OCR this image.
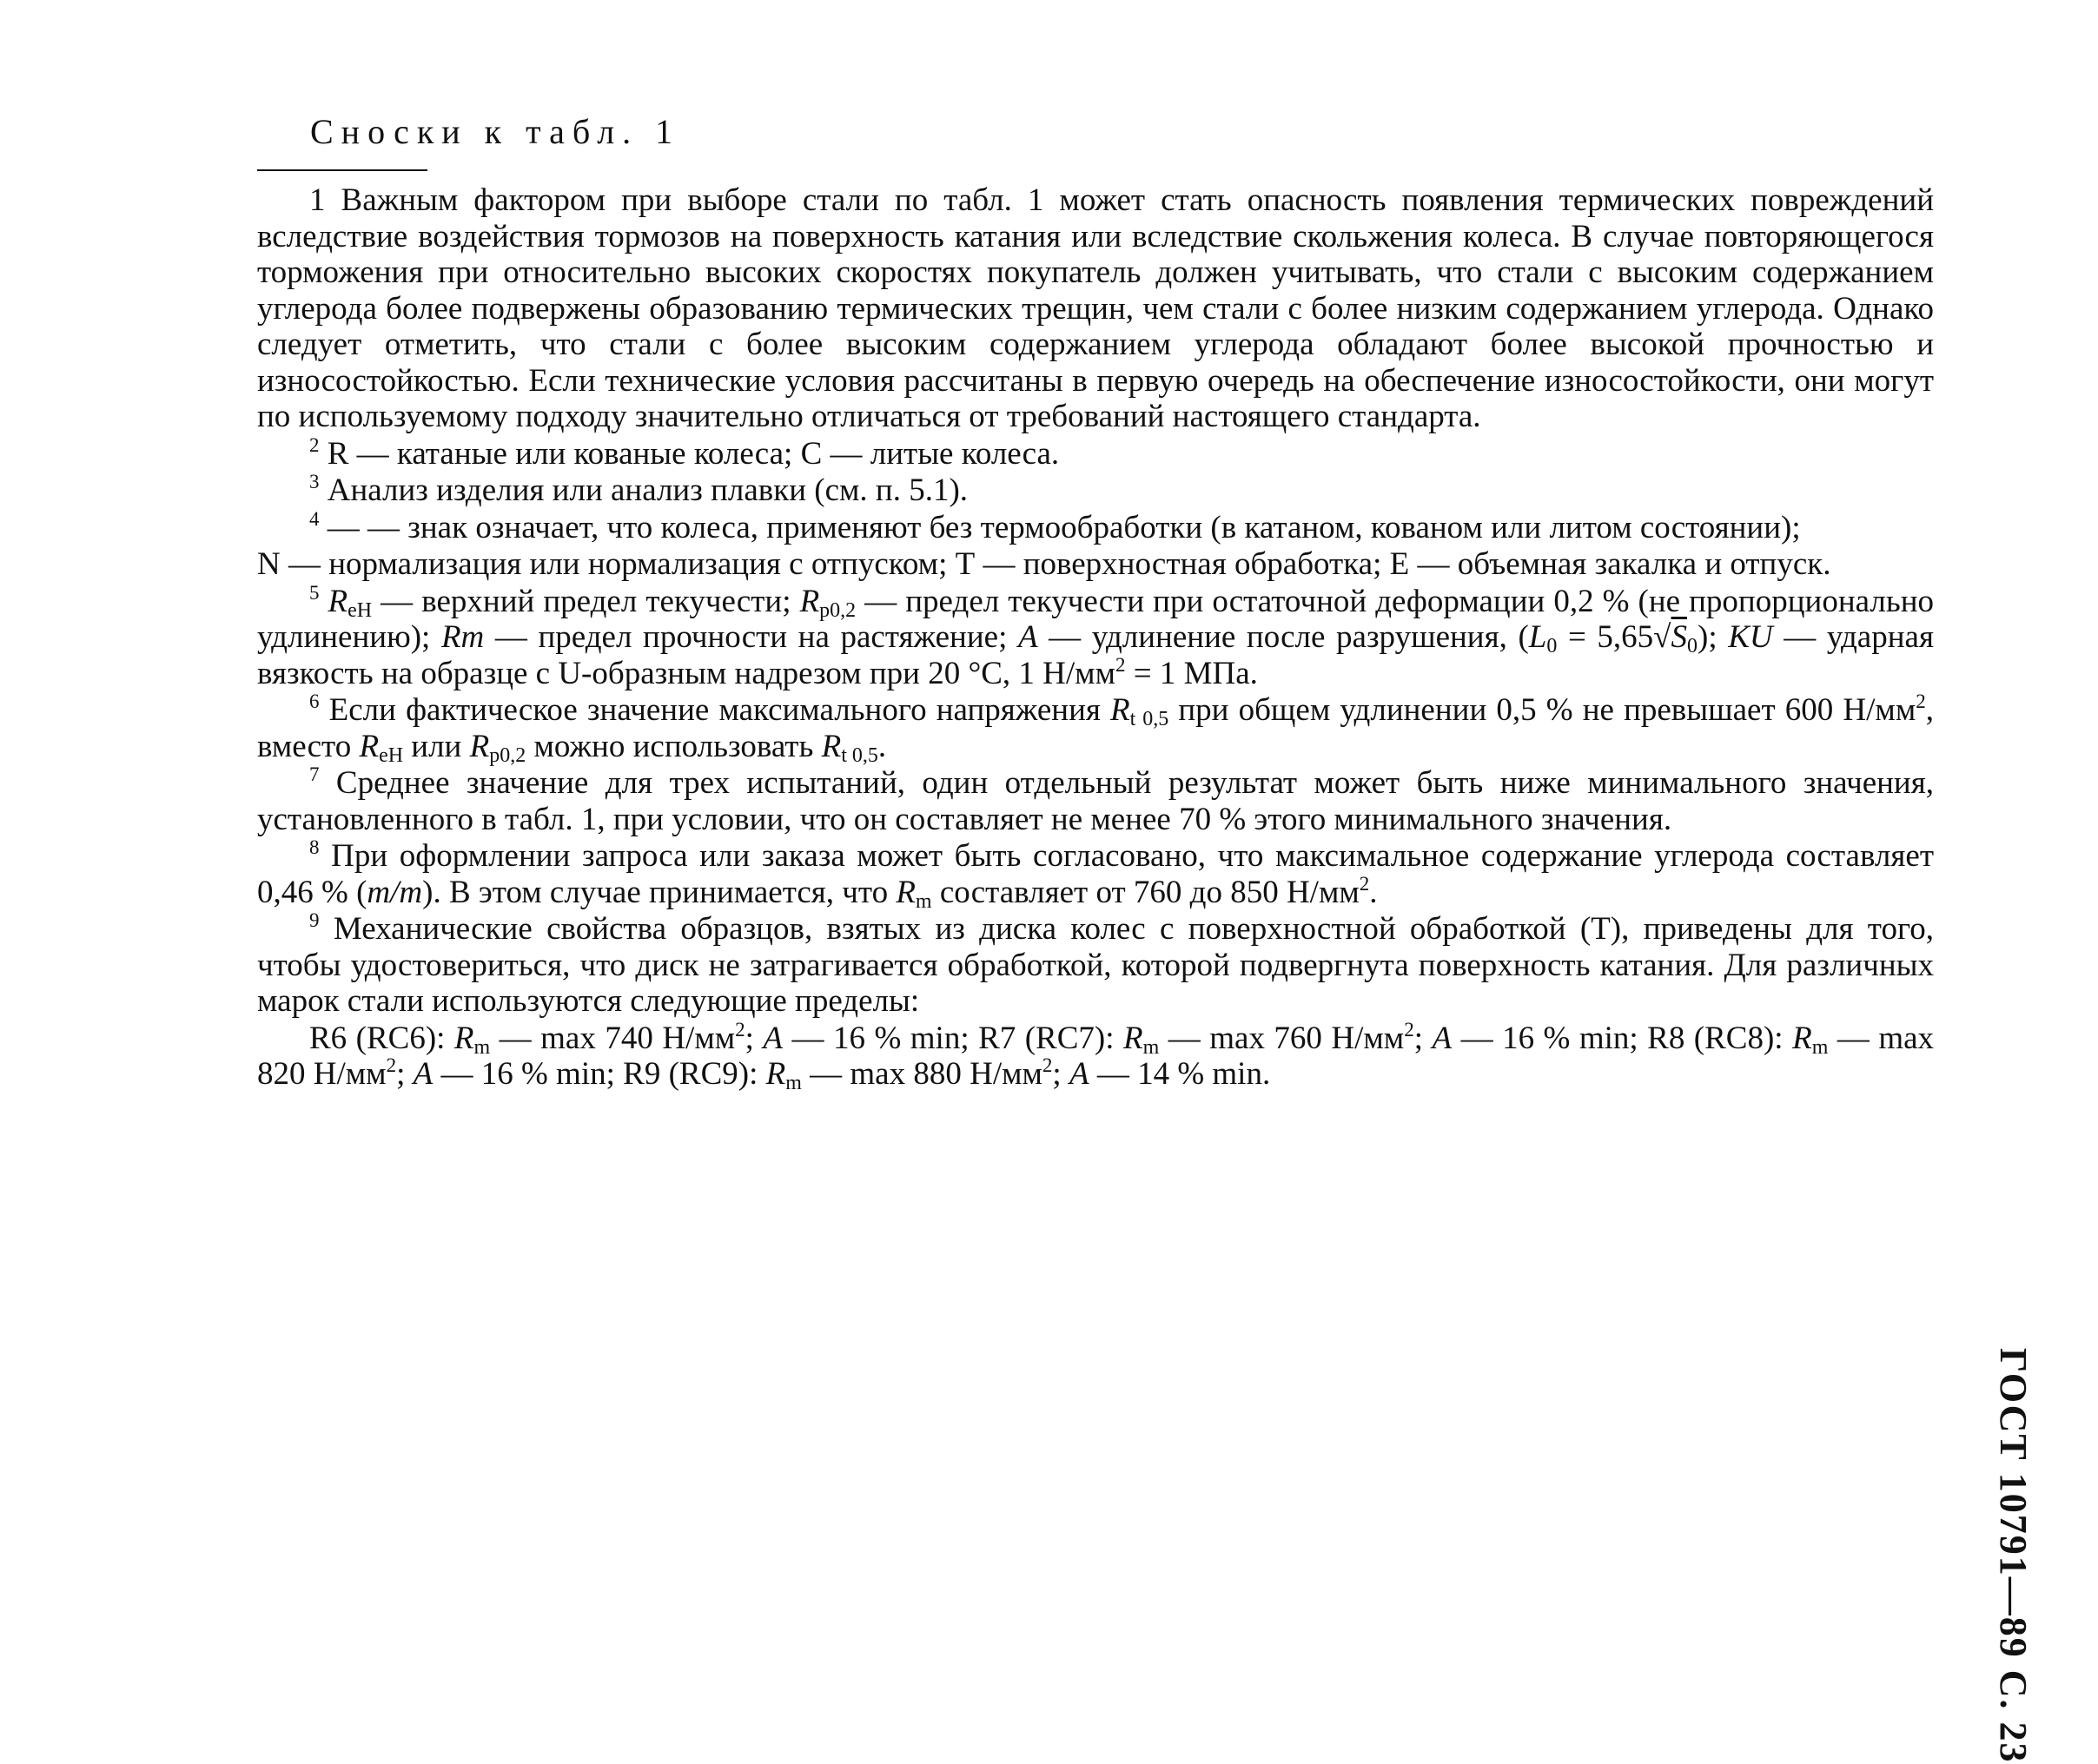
Сноски к табл. 1

1 Важным фактором при выборе стали по табл. 1 может стать опасность появления термических повреждений вследствие воздействия тормозов на поверхность катания или вследствие скольжения колеса. В случае повторяющегося торможения при относительно высоких скоростях покупатель должен учитывать, что стали с высоким содержанием углерода более подвержены образованию термических трещин, чем стали с более низким содержанием углерода. Однако следует отметить, что стали с более высоким содержанием углерода обладают более высокой прочностью и износостойкостью. Если технические условия рассчитаны в первую очередь на обеспечение износостойкости, они могут по используемому подходу значительно отличаться от требований настоящего стандарта.

$^2$ R — катаные или кованые колеса; С — литые колеса.

$^3$ Анализ изделия или анализ плавки (см. п. 5.1).

$^4$ — — знак означает, что колеса, применяют без термообработки (в катаном, кованом или литом состоянии);

N — нормализация или нормализация с отпуском; Т — поверхностная обработка; Е — объемная закалка и отпуск.

$^5$ $R_{eH}$ — верхний предел текучести; $R_{p0,2}$ — предел текучести при остаточной деформации 0,2 % (не пропорционально удлинению); Rm — предел прочности на растяжение; A — удлинение после разрушения, $(L_0 = 5,65√S_0)$; KU — ударная вязкость на образце с U-образным надрезом при 20 °С, 1 $Н/мм^2 = 1$ МПа.

$^6$ Если фактическое значение максимального напряжения $R_{t 0,5}$ при общем удлинении 0,5 % не превышает 600 $Н/мм^2$, вместо $R_{eH}$ или $R_{p0,2}$ можно использовать $R_{t 0,5}$.

$^7$ Среднее значение для трех испытаний, один отдельный результат может быть ниже минимального значения, установленного в табл. 1, при условии, что он составляет не менее 70 % этого минимального значения.

$^8$ При оформлении запроса или заказа может быть согласовано, что максимальное содержание углерода составляет 0,46 % (m/m). В этом случае принимается, что $R_m$ составляет от 760 до 850 $Н/мм^2$.

$^9$ Механические свойства образцов, взятых из диска колес с поверхностной обработкой (Т), приведены для того, чтобы удостовериться, что диск не затрагивается обработкой, которой подвергнута поверхность катания. Для различных марок стали используются следующие пределы:

R6 (RC6): $R_m$ — max 740 $Н/мм^2$; A — 16 % min; R7 (RC7): $R_m$ — max 760 $Н/мм^2$; A — 16 % min; R8 (RC8): $R_m$ — max 820 $Н/мм^2$; A — 16 % min; R9 (RC9): $R_m$ — max 880 $Н/мм^2$; A — 14 % min.

ГОСТ 10791—89 С. 23
